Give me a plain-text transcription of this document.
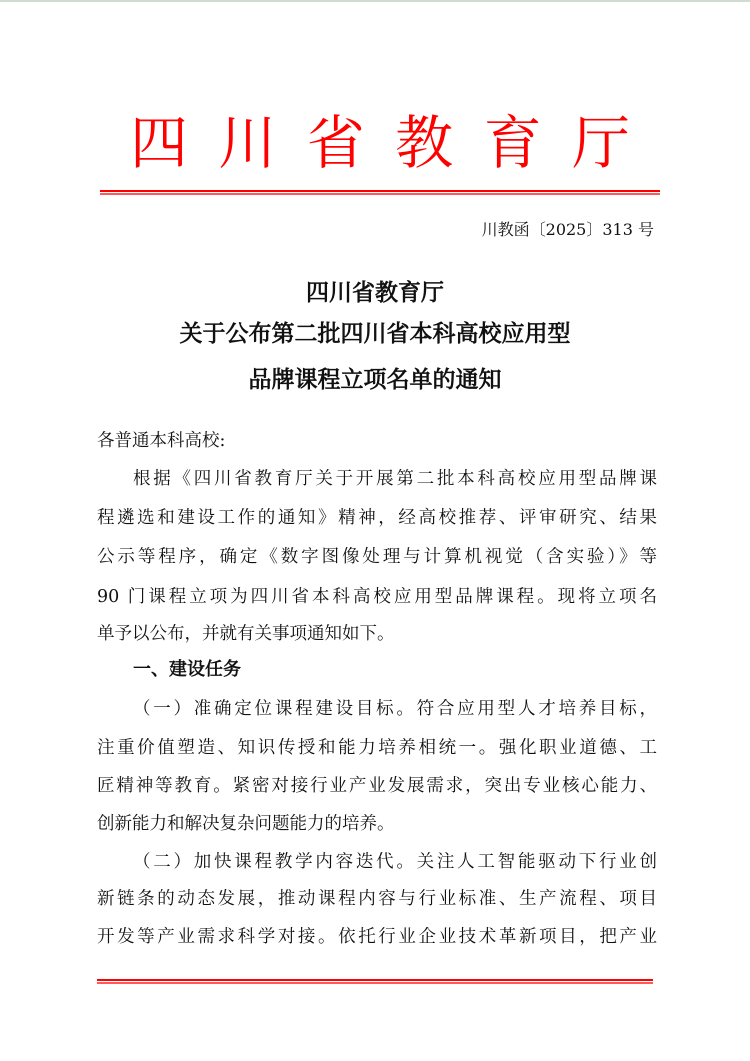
四 川 省 教 育 厅
川教函〔2025〕313 号
四川省教育厅
关于公布第二批四川省本科高校应用型
品牌课程立项名单的通知
各普通本科高校:
根据《四川省教育厅关于开展第二批本科高校应用型品牌课
程遴选和建设工作的通知》精神，经高校推荐、评审研究、结果
公示等程序，确定《数字图像处理与计算机视觉（含实验）》等
90 门课程立项为四川省本科高校应用型品牌课程。现将立项名
单予以公布，并就有关事项通知如下。
一、建设任务
（一）准确定位课程建设目标。符合应用型人才培养目标，
注重价值塑造、知识传授和能力培养相统一。强化职业道德、工
匠精神等教育。紧密对接行业产业发展需求，突出专业核心能力、
创新能力和解决复杂问题能力的培养。
（二）加快课程教学内容迭代。关注人工智能驱动下行业创
新链条的动态发展，推动课程内容与行业标准、生产流程、项目
开发等产业需求科学对接。依托行业企业技术革新项目，把产业
